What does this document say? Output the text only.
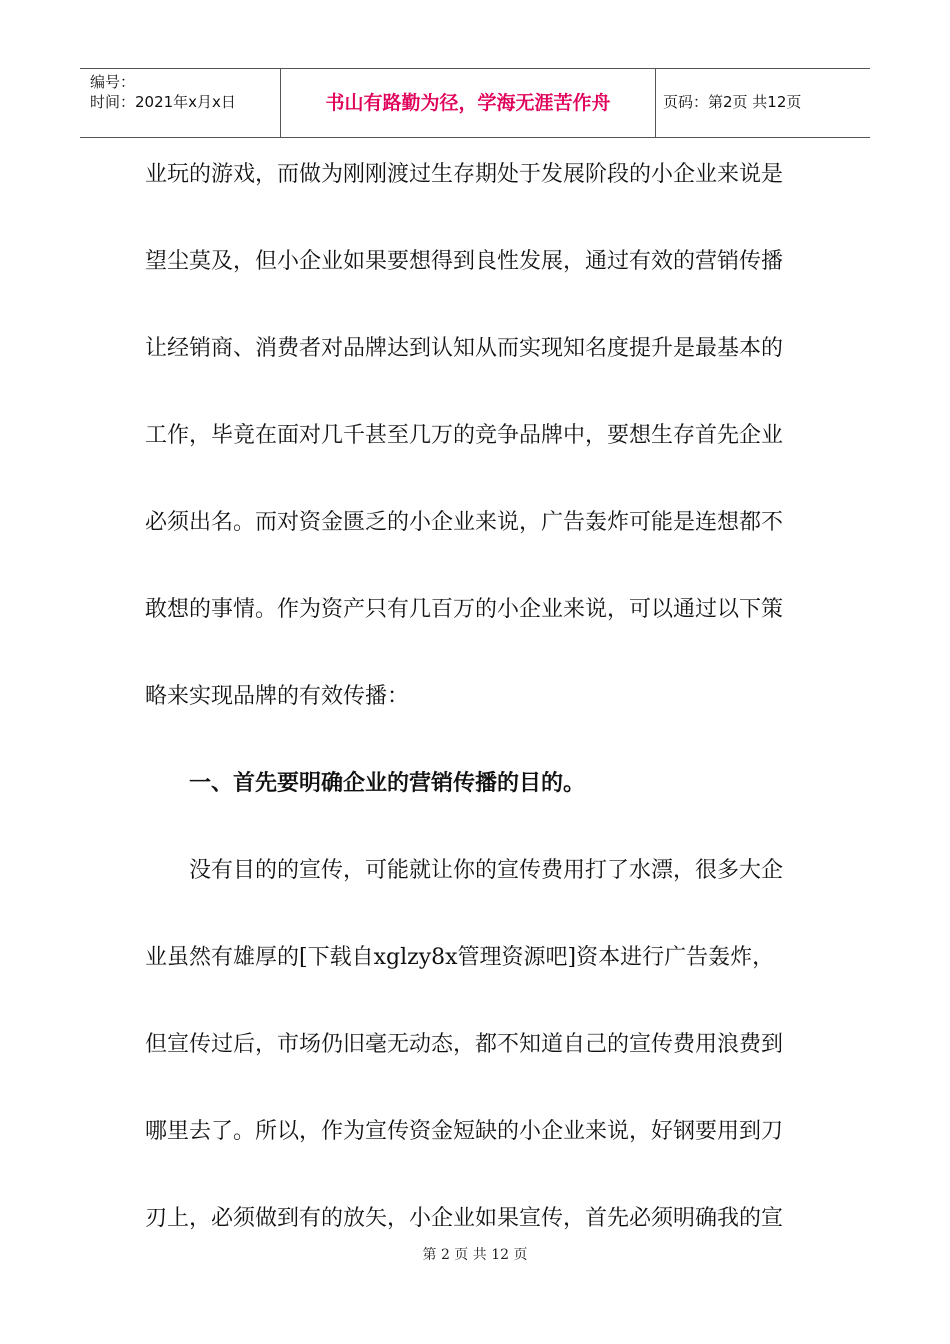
编号：
时间：2021年x月x日	书山有路勤为径，学海无涯苦作舟	页码：第2页 共12页
业玩的游戏，而做为刚刚渡过生存期处于发展阶段的小企业来说是
望尘莫及，但小企业如果要想得到良性发展，通过有效的营销传播
让经销商、消费者对品牌达到认知从而实现知名度提升是最基本的
工作，毕竟在面对几千甚至几万的竞争品牌中，要想生存首先企业
必须出名。而对资金匮乏的小企业来说，广告轰炸可能是连想都不
敢想的事情。作为资产只有几百万的小企业来说，可以通过以下策
略来实现品牌的有效传播：
一、首先要明确企业的营销传播的目的。
没有目的的宣传，可能就让你的宣传费用打了水漂，很多大企
业虽然有雄厚的[下载自xglzy8x管理资源吧]资本进行广告轰炸，
但宣传过后，市场仍旧毫无动态，都不知道自己的宣传费用浪费到
哪里去了。所以，作为宣传资金短缺的小企业来说，好钢要用到刀
刃上，必须做到有的放矢，小企业如果宣传，首先必须明确我的宣
第 2 页 共 12 页
